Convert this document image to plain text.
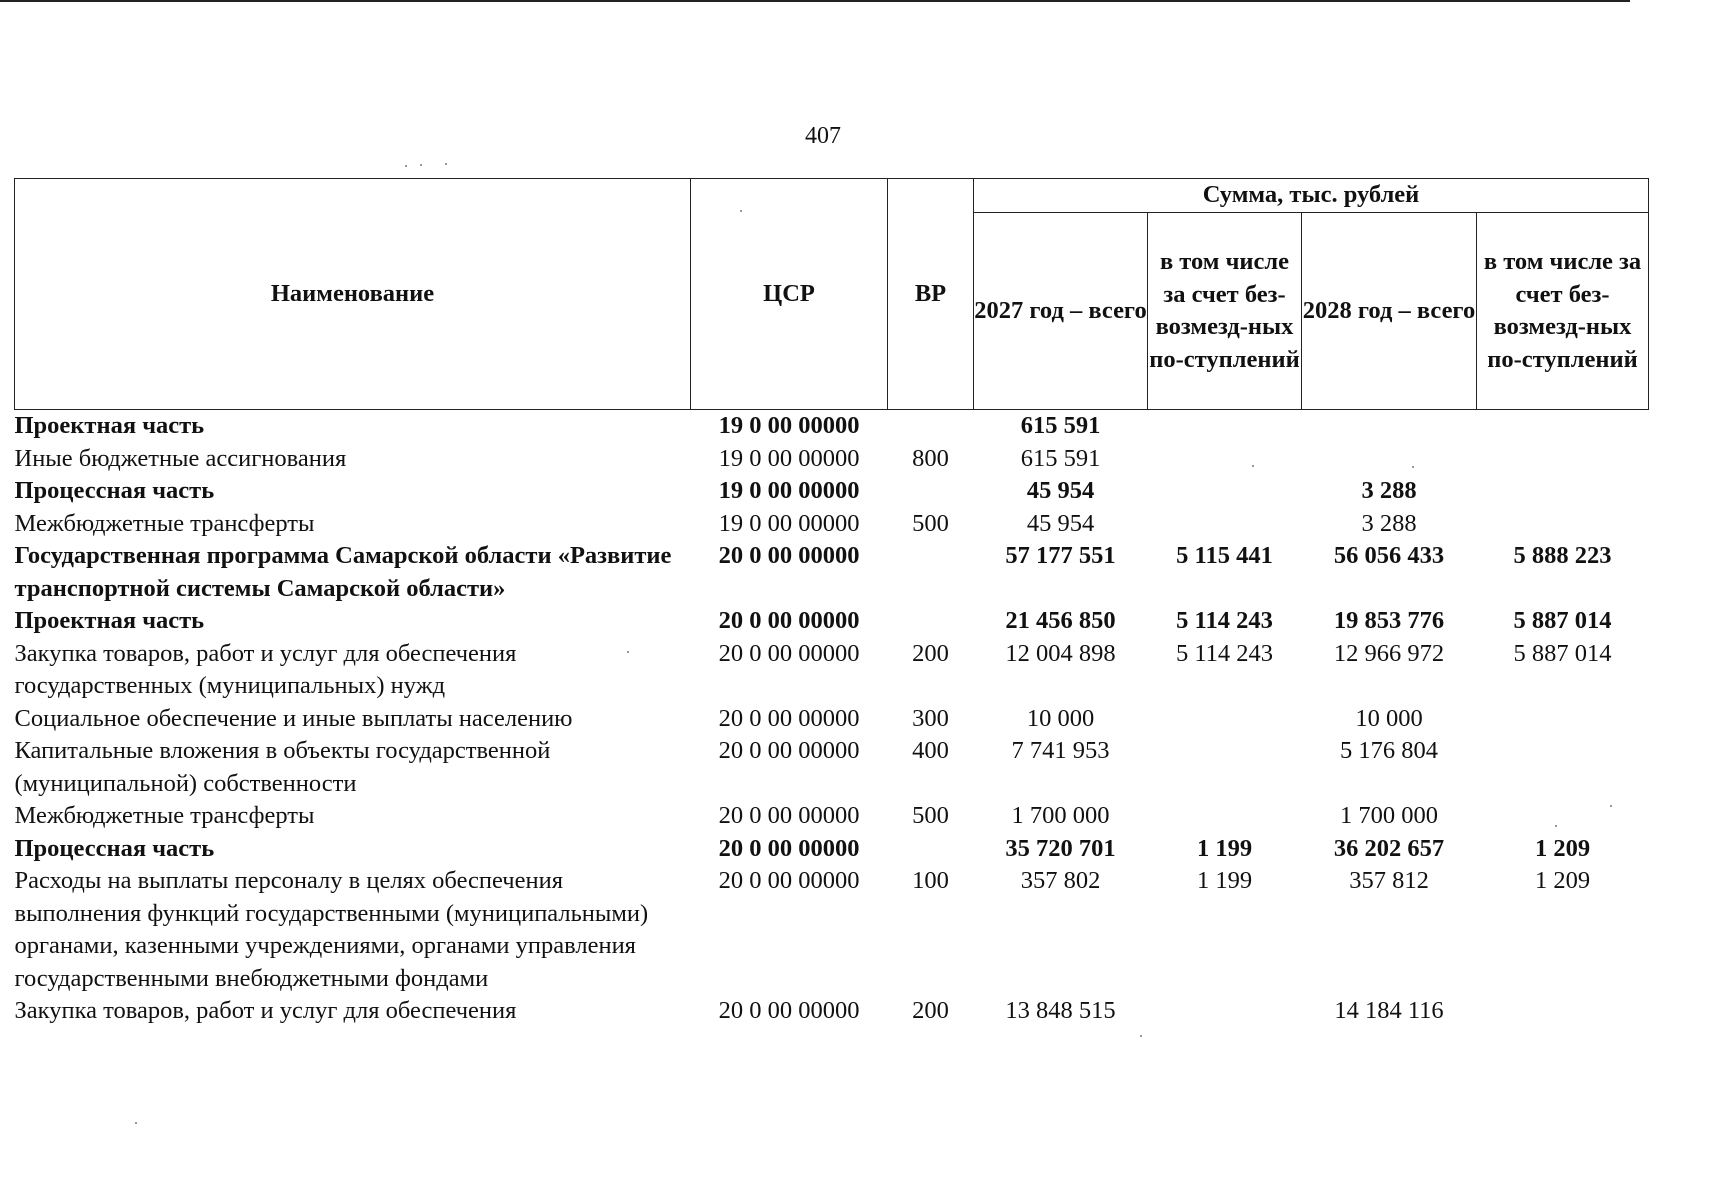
407
Наименование	ЦСР	ВР	Сумма, тыс. рублей			
			2027 год – всего	в том числе за счет без-возмезд-ных по-ступлений	2028 год – всего	в том числе за счет без-возмезд-ных по-ступлений
Проектная часть	19 0 00 00000		615 591			
Иные бюджетные ассигнования	19 0 00 00000	800	615 591			
Процессная часть	19 0 00 00000		45 954		3 288	
Межбюджетные трансферты	19 0 00 00000	500	45 954		3 288	
Государственная программа Самарской области «Развитие транспортной системы Самарской области»	20 0 00 00000		57 177 551	5 115 441	56 056 433	5 888 223
Проектная часть	20 0 00 00000		21 456 850	5 114 243	19 853 776	5 887 014
Закупка товаров, работ и услуг для обеспечения государственных (муниципальных) нужд	20 0 00 00000	200	12 004 898	5 114 243	12 966 972	5 887 014
Социальное обеспечение и иные выплаты населению	20 0 00 00000	300	10 000		10 000	
Капитальные вложения в объекты государственной (муниципальной) собственности	20 0 00 00000	400	7 741 953		5 176 804	
Межбюджетные трансферты	20 0 00 00000	500	1 700 000		1 700 000	
Процессная часть	20 0 00 00000		35 720 701	1 199	36 202 657	1 209
Расходы на выплаты персоналу в целях обеспечения выполнения функций государственными (муниципальными) органами, казенными учреждениями, органами управления государственными внебюджетными фондами	20 0 00 00000	100	357 802	1 199	357 812	1 209
Закупка товаров, работ и услуг для обеспечения	20 0 00 00000	200	13 848 515		14 184 116	
